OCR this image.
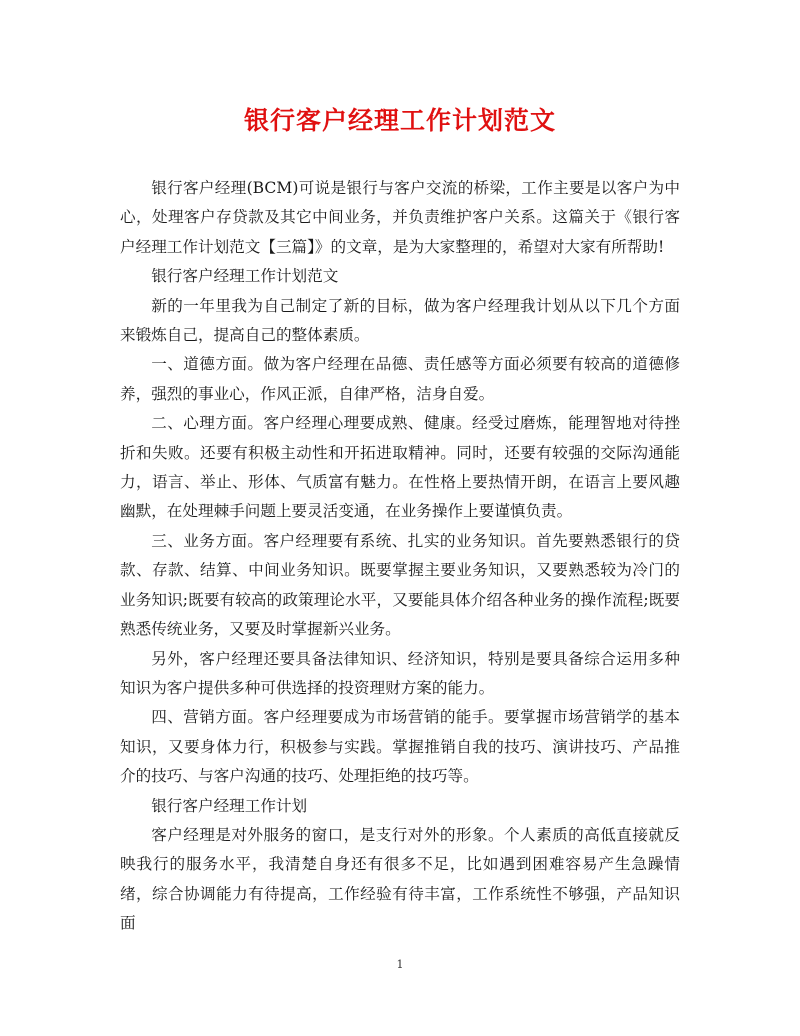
银行客户经理工作计划范文

银行客户经理(BCM)可说是银行与客户交流的桥梁，工作主要是以客户为中心，处理客户存贷款及其它中间业务，并负责维护客户关系。这篇关于《银行客户经理工作计划范文【三篇】》的文章，是为大家整理的，希望对大家有所帮助!

银行客户经理工作计划范文

新的一年里我为自己制定了新的目标，做为客户经理我计划从以下几个方面来锻炼自己，提高自己的整体素质。

一、道德方面。做为客户经理在品德、责任感等方面必须要有较高的道德修养，强烈的事业心，作风正派，自律严格，洁身自爱。

二、心理方面。客户经理心理要成熟、健康。经受过磨炼，能理智地对待挫折和失败。还要有积极主动性和开拓进取精神。同时，还要有较强的交际沟通能力，语言、举止、形体、气质富有魅力。在性格上要热情开朗，在语言上要风趣幽默，在处理棘手问题上要灵活变通，在业务操作上要谨慎负责。

三、业务方面。客户经理要有系统、扎实的业务知识。首先要熟悉银行的贷款、存款、结算、中间业务知识。既要掌握主要业务知识，又要熟悉较为冷门的业务知识;既要有较高的政策理论水平，又要能具体介绍各种业务的操作流程;既要熟悉传统业务，又要及时掌握新兴业务。

另外，客户经理还要具备法律知识、经济知识，特别是要具备综合运用多种知识为客户提供多种可供选择的投资理财方案的能力。

四、营销方面。客户经理要成为市场营销的能手。要掌握市场营销学的基本知识，又要身体力行，积极参与实践。掌握推销自我的技巧、演讲技巧、产品推介的技巧、与客户沟通的技巧、处理拒绝的技巧等。

银行客户经理工作计划

客户经理是对外服务的窗口，是支行对外的形象。个人素质的高低直接就反映我行的服务水平，我清楚自身还有很多不足，比如遇到困难容易产生急躁情绪，综合协调能力有待提高，工作经验有待丰富，工作系统性不够强，产品知识面

1
